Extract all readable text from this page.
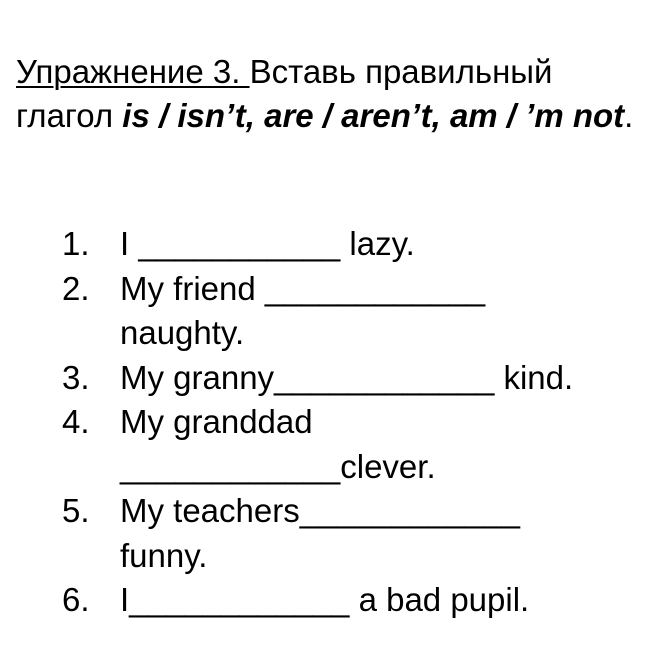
Упражнение 3. Вставь правильный глагол is / isn’t, are / aren’t, am / ’m not.
1. I ___________ lazy.
2. My friend ____________
naughty.
3. My granny____________ kind.
4. My granddad
____________clever.
5. My teachers____________
funny.
6. I____________ a bad pupil.
